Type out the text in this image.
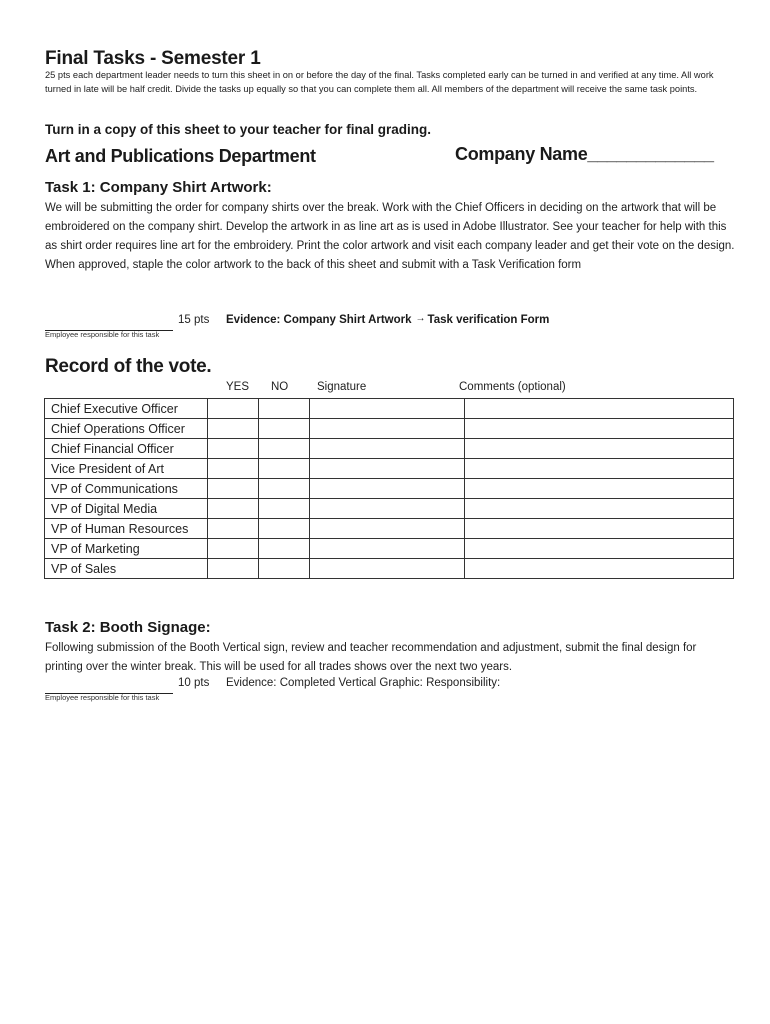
Final Tasks - Semester 1
25 pts each department leader needs to turn this sheet in on or before the day of the final. Tasks completed early can be turned in and verified at any time. All work turned in late will be half credit. Divide the tasks up equally so that you can complete them all. All members of the department will receive the same task points.
Turn in a copy of this sheet to your teacher for final grading.
Art and Publications Department	Company Name_____________
Task 1: Company Shirt Artwork:
We will be submitting the order for company shirts over the break. Work with the Chief Officers in deciding on the artwork that will be embroidered on the company shirt. Develop the artwork in as line art as is used in Adobe Illustrator. See your teacher for help with this as shirt order requires line art for the embroidery. Print the color artwork and visit each company leader and get their vote on the design. When approved, staple the color artwork to the back of this sheet and submit with a Task Verification form
Employee responsible for this task
15 pts Evidence: Company Shirt Artwork → Task verification Form
Record of the vote.
YES NO	Signature	Comments (optional)
Chief Executive Officer				
Chief Operations Officer				
Chief Financial Officer				
Vice President of Art				
VP of Communications				
VP of Digital Media				
VP of Human Resources				
VP of Marketing				
VP of Sales				
Task 2: Booth Signage:
Following submission of the Booth Vertical sign, review and teacher recommendation and adjustment, submit the final design for printing over the winter break. This will be used for all trades shows over the next two years.
Employee responsible for this task
10 pts Evidence: Completed Vertical Graphic: Responsibility:
